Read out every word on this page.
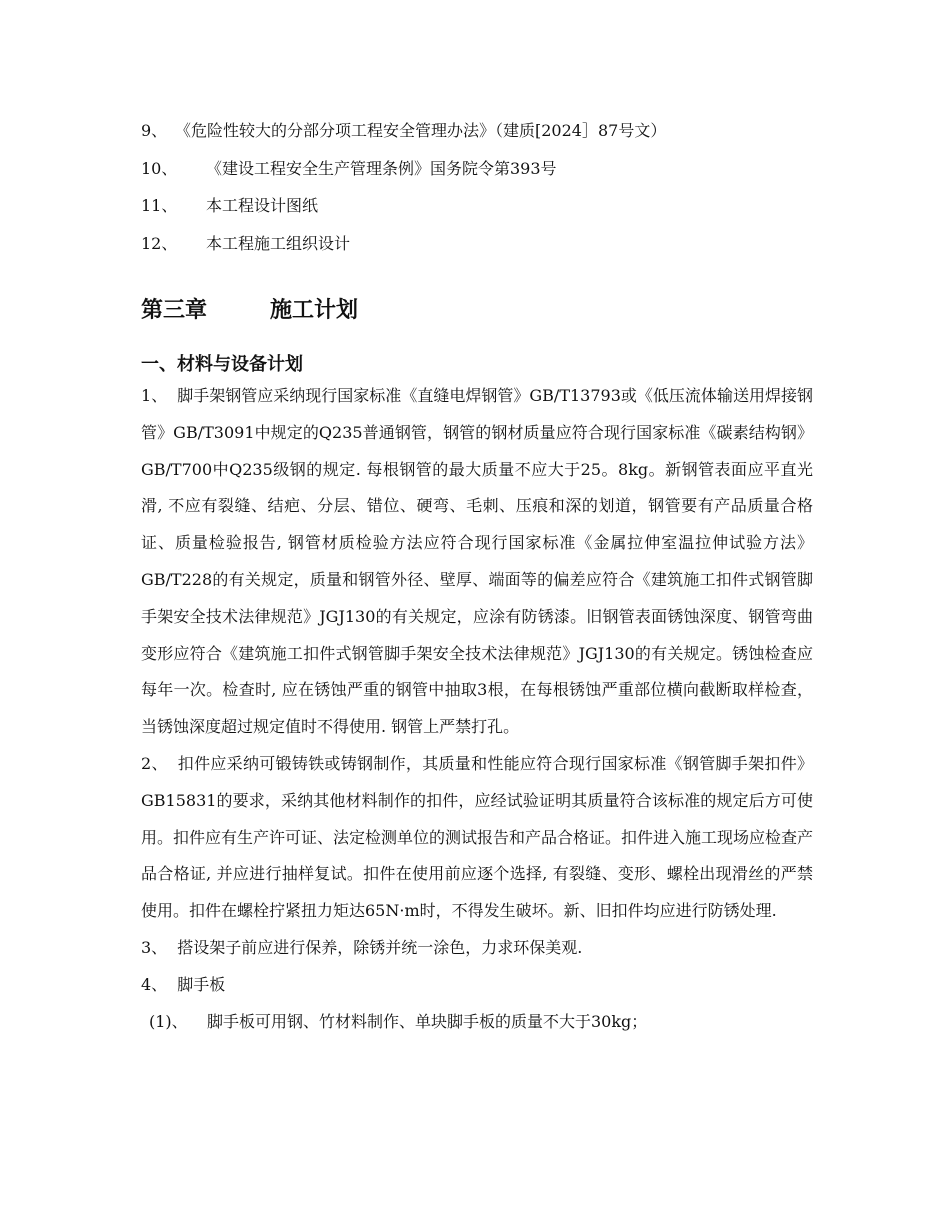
9、 《危险性较大的分部分项工程安全管理办法》（建质[2024］87号文）
10、 《建设工程安全生产管理条例》国务院令第393号
11、 本工程设计图纸
12、 本工程施工组织设计
第三章	施工计划
一、材料与设备计划

1、 脚手架钢管应采纳现行国家标准《直缝电焊钢管》GB/T13793或《低压流体输送用焊接钢管》GB/T3091中规定的Q235普通钢管，钢管的钢材质量应符合现行国家标准《碳素结构钢》GB/T700中Q235级钢的规定. 每根钢管的最大质量不应大于25。8kg。新钢管表面应平直光滑, 不应有裂缝、结疤、分层、错位、硬弯、毛刺、压痕和深的划道，钢管要有产品质量合格证、质量检验报告, 钢管材质检验方法应符合现行国家标准《金属拉伸室温拉伸试验方法》GB/T228的有关规定，质量和钢管外径、壁厚、端面等的偏差应符合《建筑施工扣件式钢管脚手架安全技术法律规范》JGJ130的有关规定，应涂有防锈漆。旧钢管表面锈蚀深度、钢管弯曲变形应符合《建筑施工扣件式钢管脚手架安全技术法律规范》JGJ130的有关规定。锈蚀检查应每年一次。检查时, 应在锈蚀严重的钢管中抽取3根，在每根锈蚀严重部位横向截断取样检查，当锈蚀深度超过规定值时不得使用. 钢管上严禁打孔。

2、 扣件应采纳可锻铸铁或铸钢制作，其质量和性能应符合现行国家标准《钢管脚手架扣件》GB15831的要求，采纳其他材料制作的扣件，应经试验证明其质量符合该标准的规定后方可使用。扣件应有生产许可证、法定检测单位的测试报告和产品合格证。扣件进入施工现场应检查产品合格证, 并应进行抽样复试。扣件在使用前应逐个选择, 有裂缝、变形、螺栓出现滑丝的严禁使用。扣件在螺栓拧紧扭力矩达65N·m时，不得发生破坏。新、旧扣件均应进行防锈处理.

3、 搭设架子前应进行保养，除锈并统一涂色，力求环保美观.

4、 脚手板

(1)、 脚手板可用钢、竹材料制作、单块脚手板的质量不大于30kg；
